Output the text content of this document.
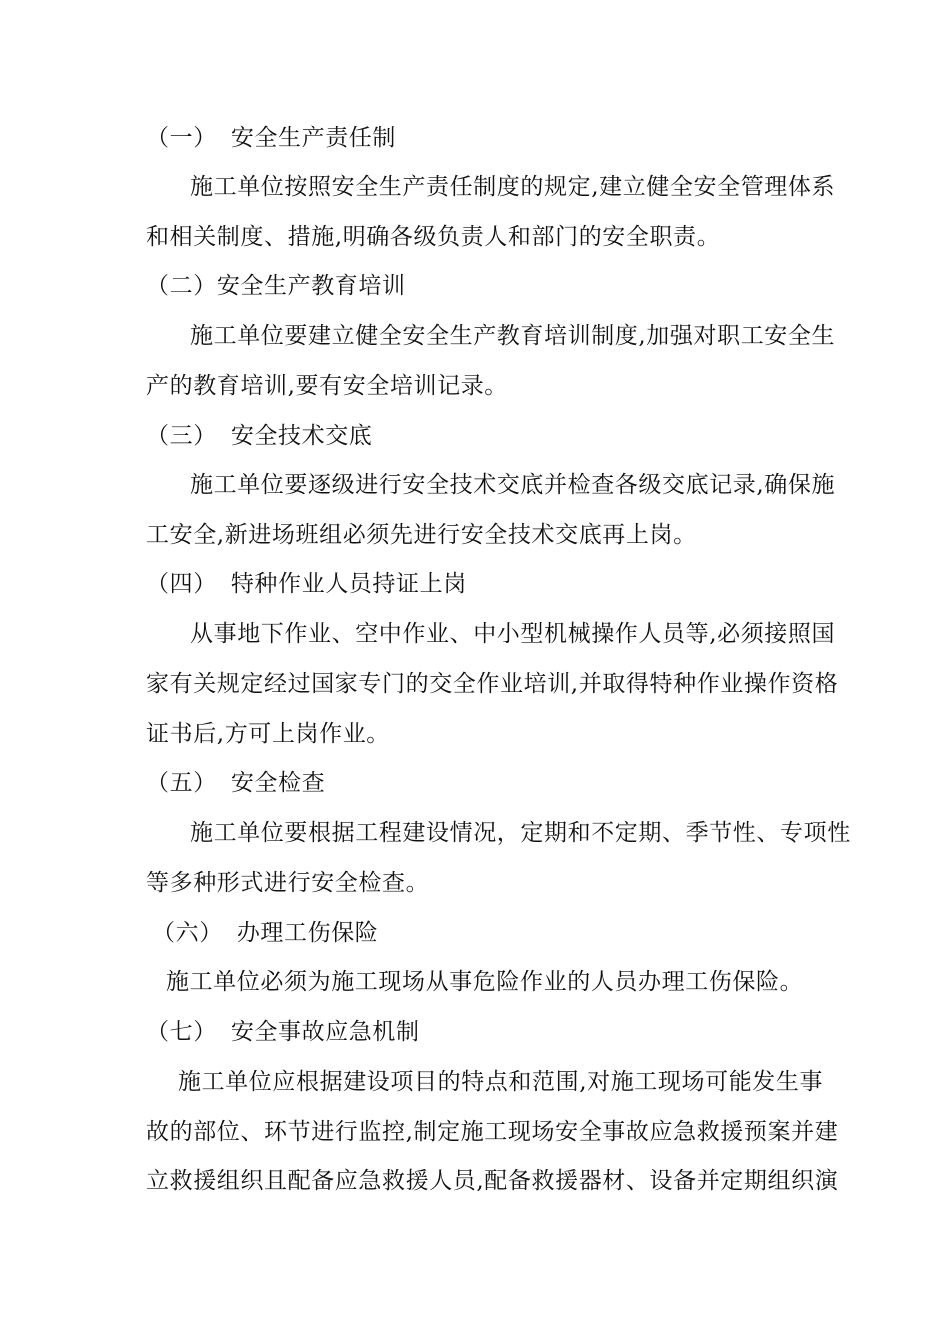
（一） 安全生产责任制
施工单位按照安全生产责任制度的规定,建立健全安全管理体系
和相关制度、措施,明确各级负责人和部门的安全职责。
（二）安全生产教育培训
施工单位要建立健全安全生产教育培训制度,加强对职工安全生
产的教育培训,要有安全培训记录。
（三） 安全技术交底
施工单位要逐级进行安全技术交底并检查各级交底记录,确保施
工安全,新进场班组必须先进行安全技术交底再上岗。
（四） 特种作业人员持证上岗
从事地下作业、空中作业、中小型机械操作人员等,必须接照国
家有关规定经过国家专门的交全作业培训,并取得特种作业操作资格
证书后,方可上岗作业。
（五） 安全检查
施工单位要根据工程建设情况，定期和不定期、季节性、专项性
等多种形式进行安全检查。
（六） 办理工伤保险
施工单位必须为施工现场从事危险作业的人员办理工伤保险。
（七） 安全事故应急机制
施工单位应根据建设项目的特点和范围,对施工现场可能发生事
故的部位、环节进行监控,制定施工现场安全事故应急救援预案并建
立救援组织且配备应急救援人员,配备救援器材、设备并定期组织演
